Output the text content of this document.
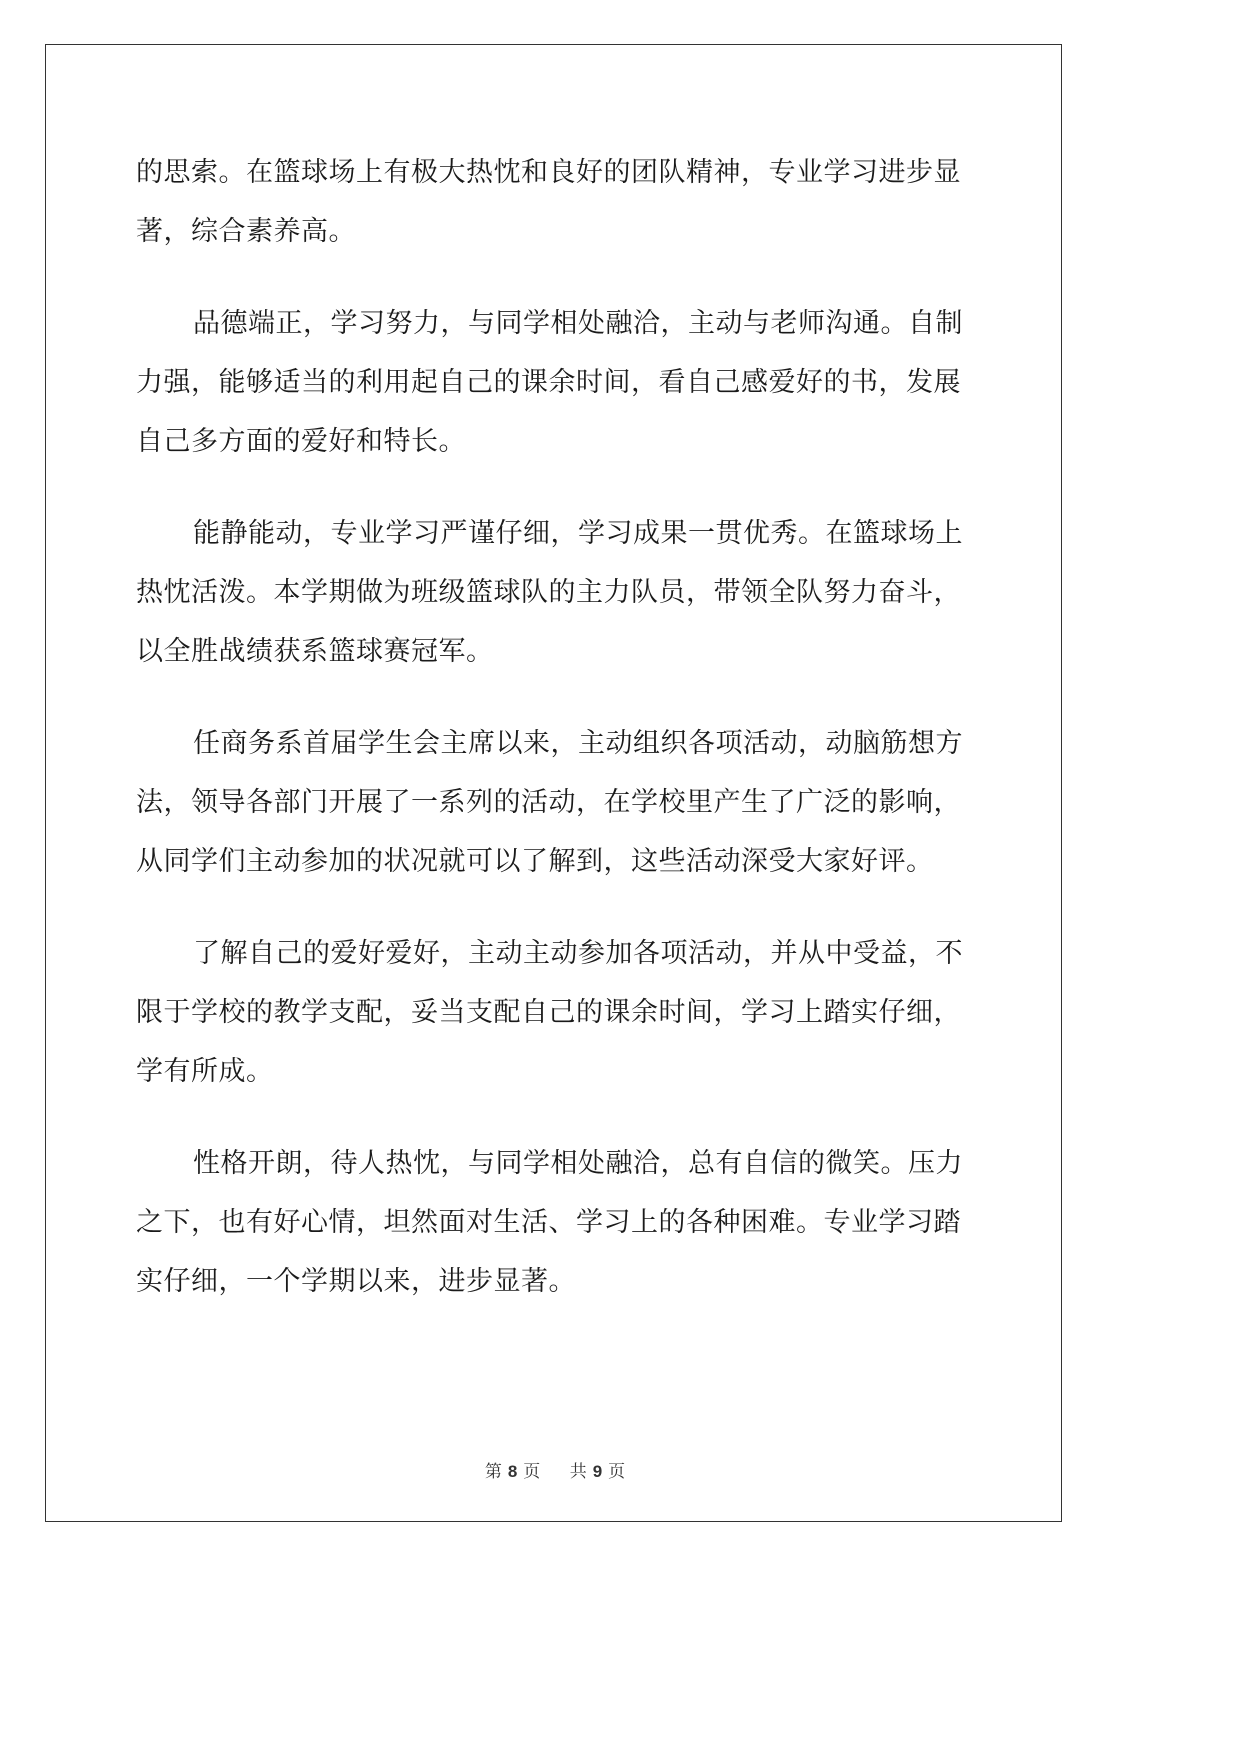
的思索。在篮球场上有极大热忱和良好的团队精神，专业学习进步显
著，综合素养高。
品德端正，学习努力，与同学相处融洽，主动与老师沟通。自制
力强，能够适当的利用起自己的课余时间，看自己感爱好的书，发展
自己多方面的爱好和特长。
能静能动，专业学习严谨仔细，学习成果一贯优秀。在篮球场上
热忱活泼。本学期做为班级篮球队的主力队员，带领全队努力奋斗，
以全胜战绩获系篮球赛冠军。
任商务系首届学生会主席以来，主动组织各项活动，动脑筋想方
法，领导各部门开展了一系列的活动，在学校里产生了广泛的影响，
从同学们主动参加的状况就可以了解到，这些活动深受大家好评。
了解自己的爱好爱好，主动主动参加各项活动，并从中受益，不
限于学校的教学支配，妥当支配自己的课余时间，学习上踏实仔细，
学有所成。
性格开朗，待人热忱，与同学相处融洽，总有自信的微笑。压力
之下，也有好心情，坦然面对生活、学习上的各种困难。专业学习踏
实仔细，一个学期以来，进步显著。
第 8 页 共 9 页
